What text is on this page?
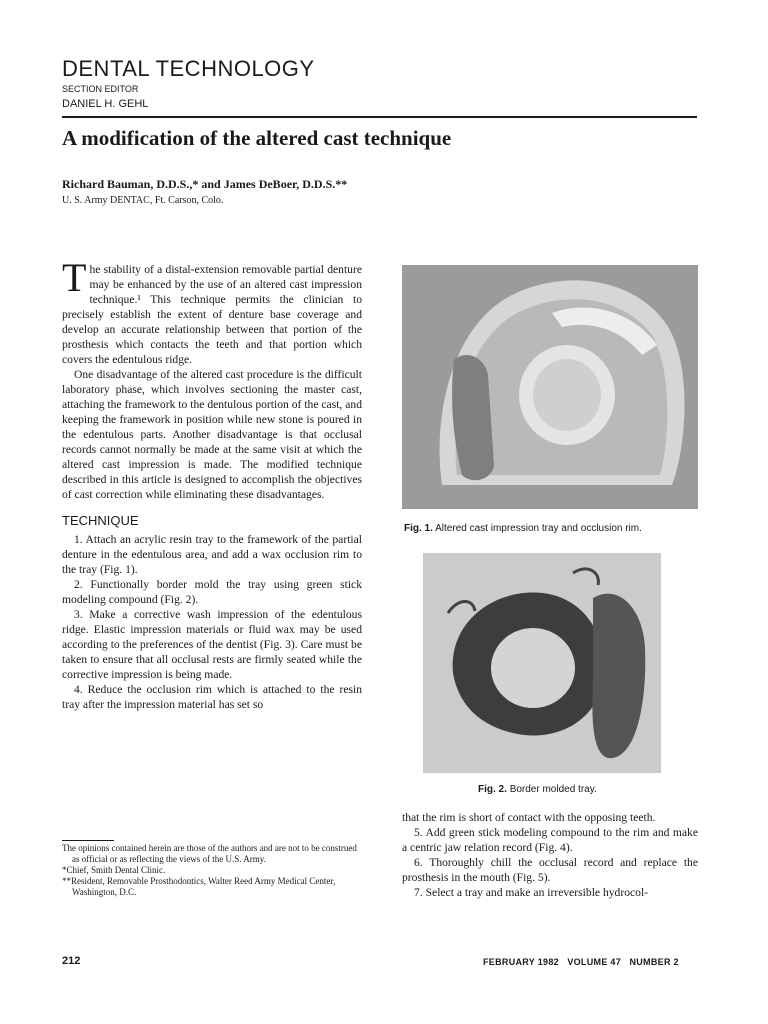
DENTAL TECHNOLOGY
SECTION EDITOR
DANIEL H. GEHL
A modification of the altered cast technique
Richard Bauman, D.D.S.,* and James DeBoer, D.D.S.**
U. S. Army DENTAC, Ft. Carson, Colo.

The stability of a distal-extension removable partial denture may be enhanced by the use of an altered cast impression technique.¹ This technique permits the clinician to precisely establish the extent of denture base coverage and develop an accurate relationship between that portion of the prosthesis which contacts the teeth and that portion which covers the edentulous ridge.

One disadvantage of the altered cast procedure is the difficult laboratory phase, which involves sectioning the master cast, attaching the framework to the dentulous portion of the cast, and keeping the framework in position while new stone is poured in the edentulous parts. Another disadvantage is that occlusal records cannot normally be made at the same visit at which the altered cast impression is made. The modified technique described in this article is designed to accomplish the objectives of cast correction while eliminating these disadvantages.

TECHNIQUE

1. Attach an acrylic resin tray to the framework of the partial denture in the edentulous area, and add a wax occlusion rim to the tray (Fig. 1).

2. Functionally border mold the tray using green stick modeling compound (Fig. 2).

3. Make a corrective wash impression of the edentulous ridge. Elastic impression materials or fluid wax may be used according to the preferences of the dentist (Fig. 3). Care must be taken to ensure that all occlusal rests are firmly seated while the corrective impression is being made.

4. Reduce the occlusion rim which is attached to the resin tray after the impression material has set so

The opinions contained herein are those of the authors and are not to be construed as official or as reflecting the views of the U.S. Army.
*Chief, Smith Dental Clinic.
**Resident, Removable Prosthodontics, Walter Reed Army Medical Center, Washington, D.C.
Fig. 1. Altered cast impression tray and occlusion rim.
Fig. 2. Border molded tray.

that the rim is short of contact with the opposing teeth.

5. Add green stick modeling compound to the rim and make a centric jaw relation record (Fig. 4).

6. Thoroughly chill the occlusal record and replace the prosthesis in the mouth (Fig. 5).

7. Select a tray and make an irreversible hydrocol-

212	FEBRUARY 1982   VOLUME 47   NUMBER 2
